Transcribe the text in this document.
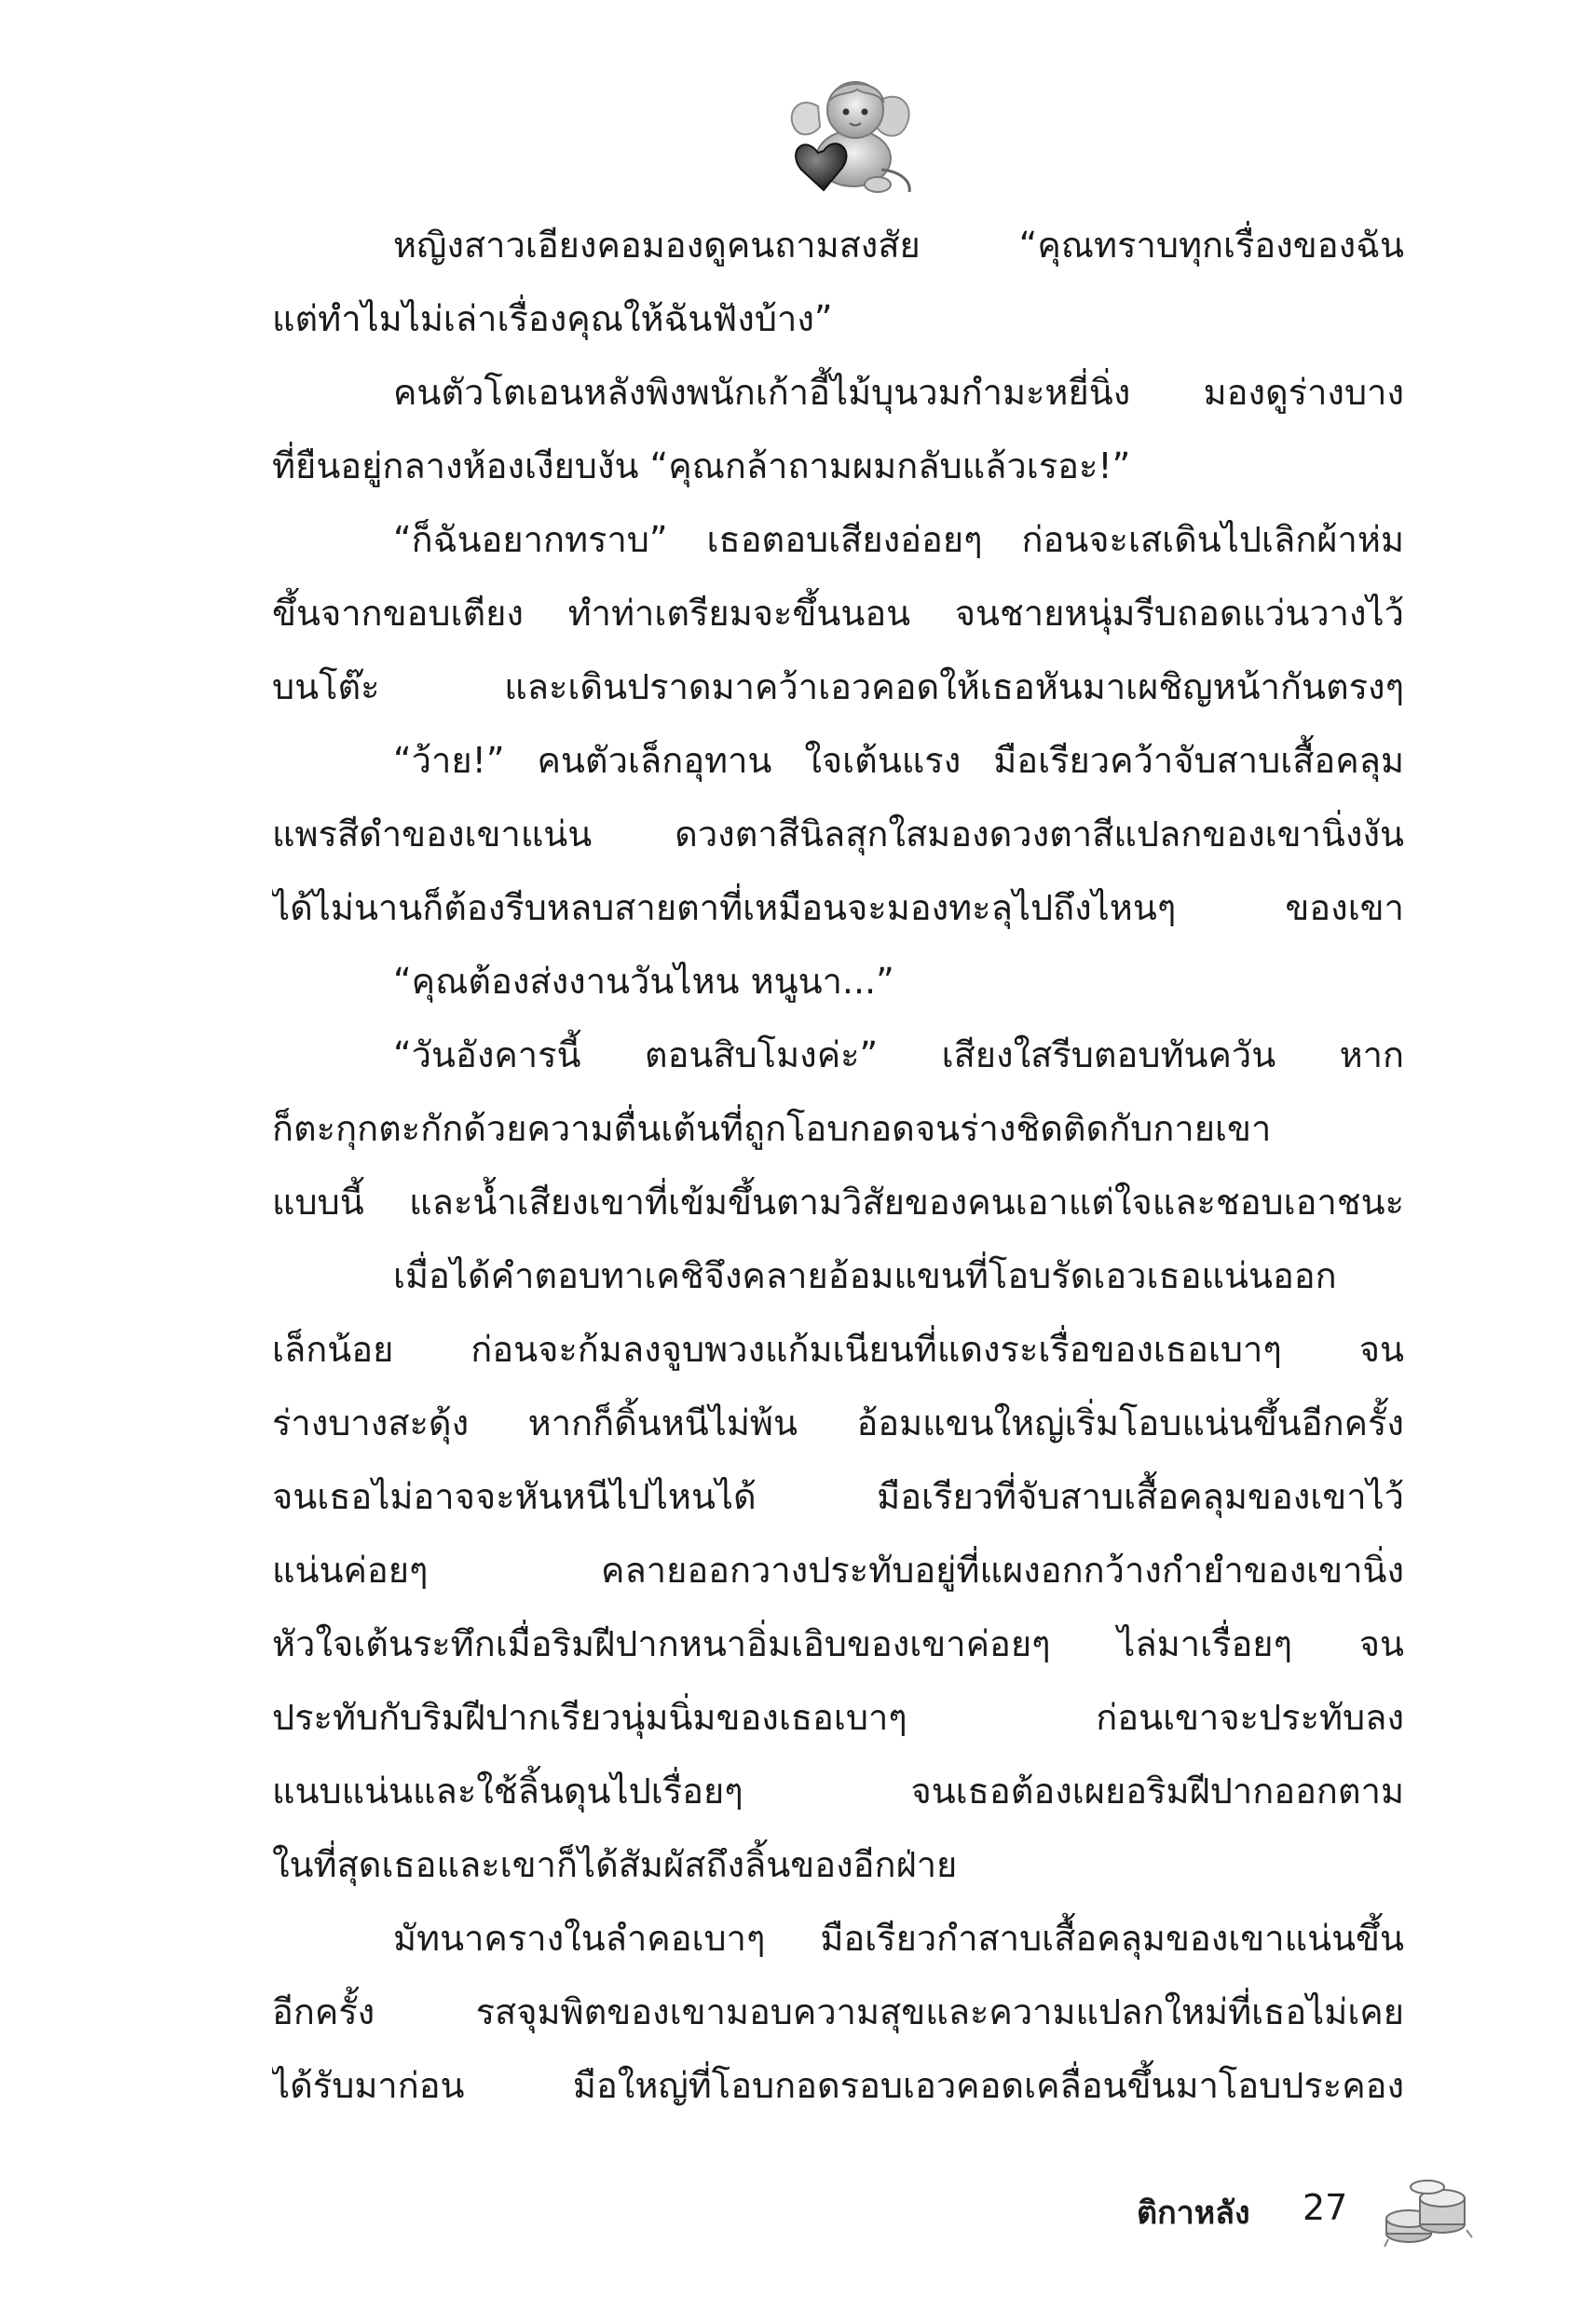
หญิงสาวเอียงคอมองดูคนถามสงสัย “คุณทราบทุกเรื่องของฉัน
แต่ทำไมไม่เล่าเรื่องคุณให้ฉันฟังบ้าง”
คนตัวโตเอนหลังพิงพนักเก้าอี้ไม้บุนวมกำมะหยี่นิ่ง มองดูร่างบาง
ที่ยืนอยู่กลางห้องเงียบงัน “คุณกล้าถามผมกลับแล้วเรอะ!”
“ก็ฉันอยากทราบ” เธอตอบเสียงอ่อยๆ ก่อนจะเสเดินไปเลิกผ้าห่ม
ขึ้นจากขอบเตียง ทำท่าเตรียมจะขึ้นนอน จนชายหนุ่มรีบถอดแว่นวางไว้
บนโต๊ะ และเดินปราดมาคว้าเอวคอดให้เธอหันมาเผชิญหน้ากันตรงๆ
“ว้าย!” คนตัวเล็กอุทาน ใจเต้นแรง มือเรียวคว้าจับสาบเสื้อคลุม
แพรสีดำของเขาแน่น ดวงตาสีนิลสุกใสมองดวงตาสีแปลกของเขานิ่งงัน
ได้ไม่นานก็ต้องรีบหลบสายตาที่เหมือนจะมองทะลุไปถึงไหนๆ ของเขา
“คุณต้องส่งงานวันไหน หนูนา...”
“วันอังคารนี้ ตอนสิบโมงค่ะ” เสียงใสรีบตอบทันควัน หาก
ก็ตะกุกตะกักด้วยความตื่นเต้นที่ถูกโอบกอดจนร่างชิดติดกับกายเขา
แบบนี้ และน้ำเสียงเขาที่เข้มขึ้นตามวิสัยของคนเอาแต่ใจและชอบเอาชนะ
เมื่อได้คำตอบทาเคชิจึงคลายอ้อมแขนที่โอบรัดเอวเธอแน่นออก
เล็กน้อย ก่อนจะก้มลงจูบพวงแก้มเนียนที่แดงระเรื่อของเธอเบาๆ จน
ร่างบางสะดุ้ง หากก็ดิ้นหนีไม่พ้น อ้อมแขนใหญ่เริ่มโอบแน่นขึ้นอีกครั้ง
จนเธอไม่อาจจะหันหนีไปไหนได้ มือเรียวที่จับสาบเสื้อคลุมของเขาไว้
แน่นค่อยๆ คลายออกวางประทับอยู่ที่แผงอกกว้างกำยำของเขานิ่ง
หัวใจเต้นระทึกเมื่อริมฝีปากหนาอิ่มเอิบของเขาค่อยๆ ไล่มาเรื่อยๆ จน
ประทับกับริมฝีปากเรียวนุ่มนิ่มของเธอเบาๆ ก่อนเขาจะประทับลง
แนบแน่นและใช้ลิ้นดุนไปเรื่อยๆ จนเธอต้องเผยอริมฝีปากออกตาม
ในที่สุดเธอและเขาก็ได้สัมผัสถึงลิ้นของอีกฝ่าย
มัทนาครางในลำคอเบาๆ มือเรียวกำสาบเสื้อคลุมของเขาแน่นขึ้น
อีกครั้ง รสจุมพิตของเขามอบความสุขและความแปลกใหม่ที่เธอไม่เคย
ได้รับมาก่อน มือใหญ่ที่โอบกอดรอบเอวคอดเคลื่อนขึ้นมาโอบประคอง
ติกาหลัง 27
